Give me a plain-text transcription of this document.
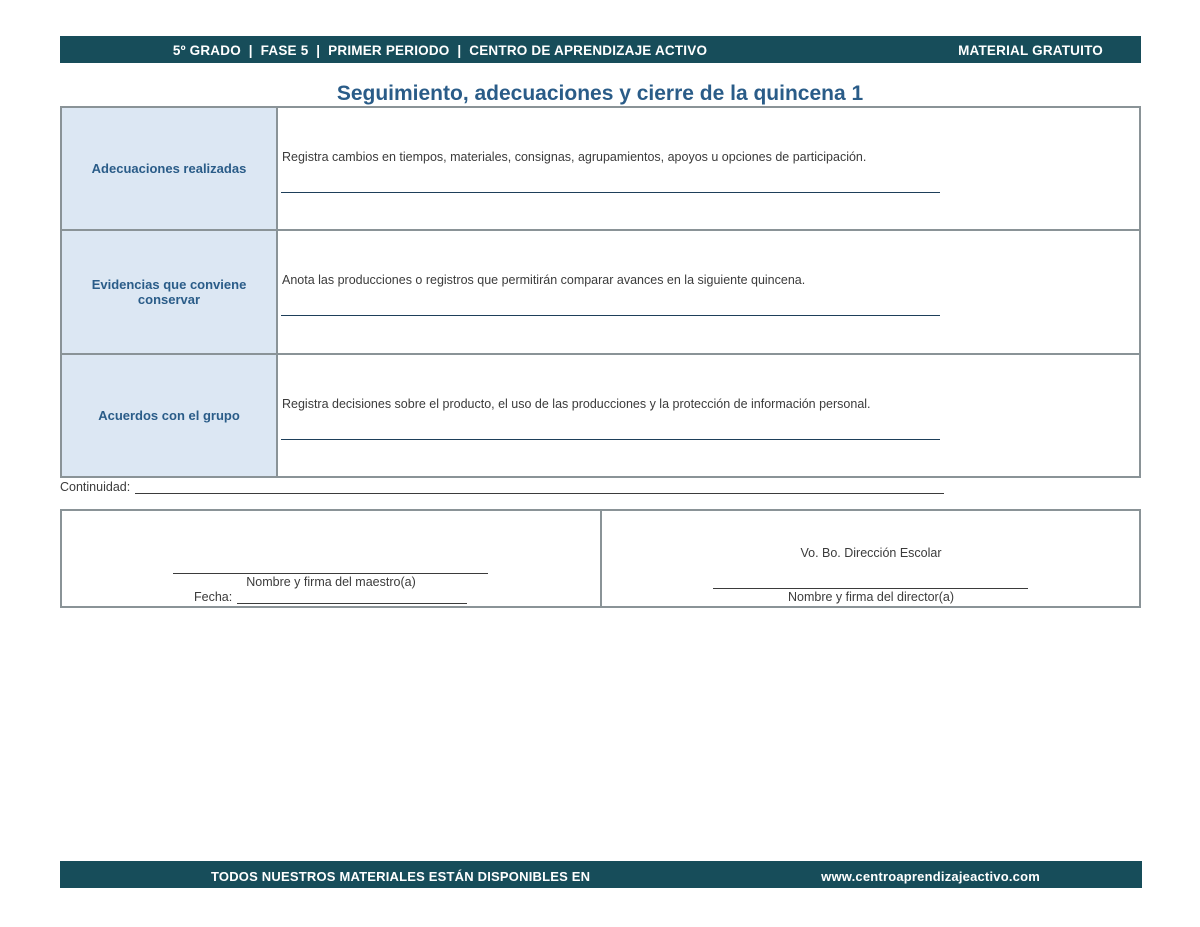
5º GRADO  |  FASE 5  |  PRIMER PERIODO  |  CENTRO DE APRENDIZAJE ACTIVO	MATERIAL GRATUITO
Seguimiento, adecuaciones y cierre de la quincena 1
Adecuaciones realizadas	Registra cambios en tiempos, materiales, consignas, agrupamientos, apoyos u opciones de participación.

Evidencias que conviene conservar	Anota las producciones o registros que permitirán comparar avances en la siguiente quincena.

Acuerdos con el grupo	Registra decisiones sobre el producto, el uso de las producciones y la protección de información personal.
Continuidad:
Nombre y firma del maestro(a)
Fecha:

Vo. Bo. Dirección Escolar
Nombre y firma del director(a)
TODOS NUESTROS MATERIALES ESTÁN DISPONIBLES EN	www.centroaprendizajeactivo.com
